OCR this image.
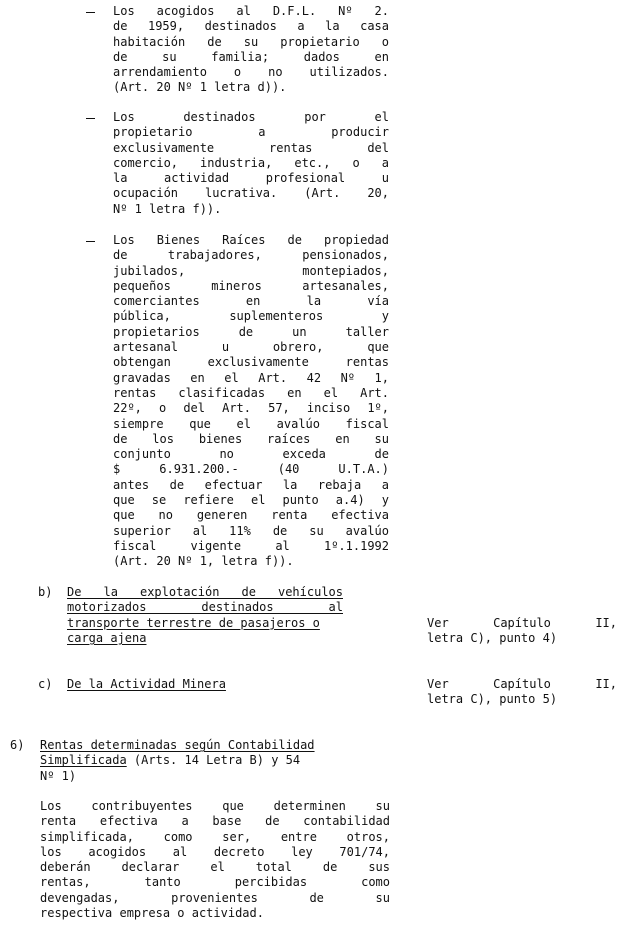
Los acogidos al D.F.L. Nº 2.
de 1959, destinados a la casa
habitación de su propietario o
de su familia; dados en
arrendamiento o no utilizados.
(Art. 20 Nº 1 letra d)).
Los destinados por el
propietario a producir
exclusivamente rentas del
comercio, industria, etc., o a
la actividad profesional u
ocupación lucrativa. (Art. 20,
Nº 1 letra f)).
Los Bienes Raíces de propiedad
de trabajadores, pensionados,
jubilados, montepiados,
pequeños mineros artesanales,
comerciantes en la vía
pública, suplementeros y
propietarios de un taller
artesanal u obrero, que
obtengan exclusivamente rentas
gravadas en el Art. 42 Nº 1,
rentas clasificadas en el Art.
22º, o del Art. 57, inciso 1º,
siempre que el avalúo fiscal
de los bienes raíces en su
conjunto no exceda de
$ 6.931.200.- (40 U.T.A.)
antes de efectuar la rebaja a
que se refiere el punto a.4) y
que no generen renta efectiva
superior al 11% de su avalúo
fiscal vigente al 1º.1.1992
(Art. 20 Nº 1, letra f)).
b) De la explotación de vehículos
motorizados destinados al
transporte terrestre de pasajeros o
carga ajena
Ver Capítulo II,
letra C), punto 4)
c) De la Actividad Minera	Ver Capítulo II,
letra C), punto 5)
6) Rentas determinadas según Contabilidad
Simplificada (Arts. 14 Letra B) y 54
Nº 1)
Los contribuyentes que determinen su
renta efectiva a base de contabilidad
simplificada, como ser, entre otros,
los acogidos al decreto ley 701/74,
deberán declarar el total de sus
rentas, tanto percibidas como
devengadas, provenientes de su
respectiva empresa o actividad.
